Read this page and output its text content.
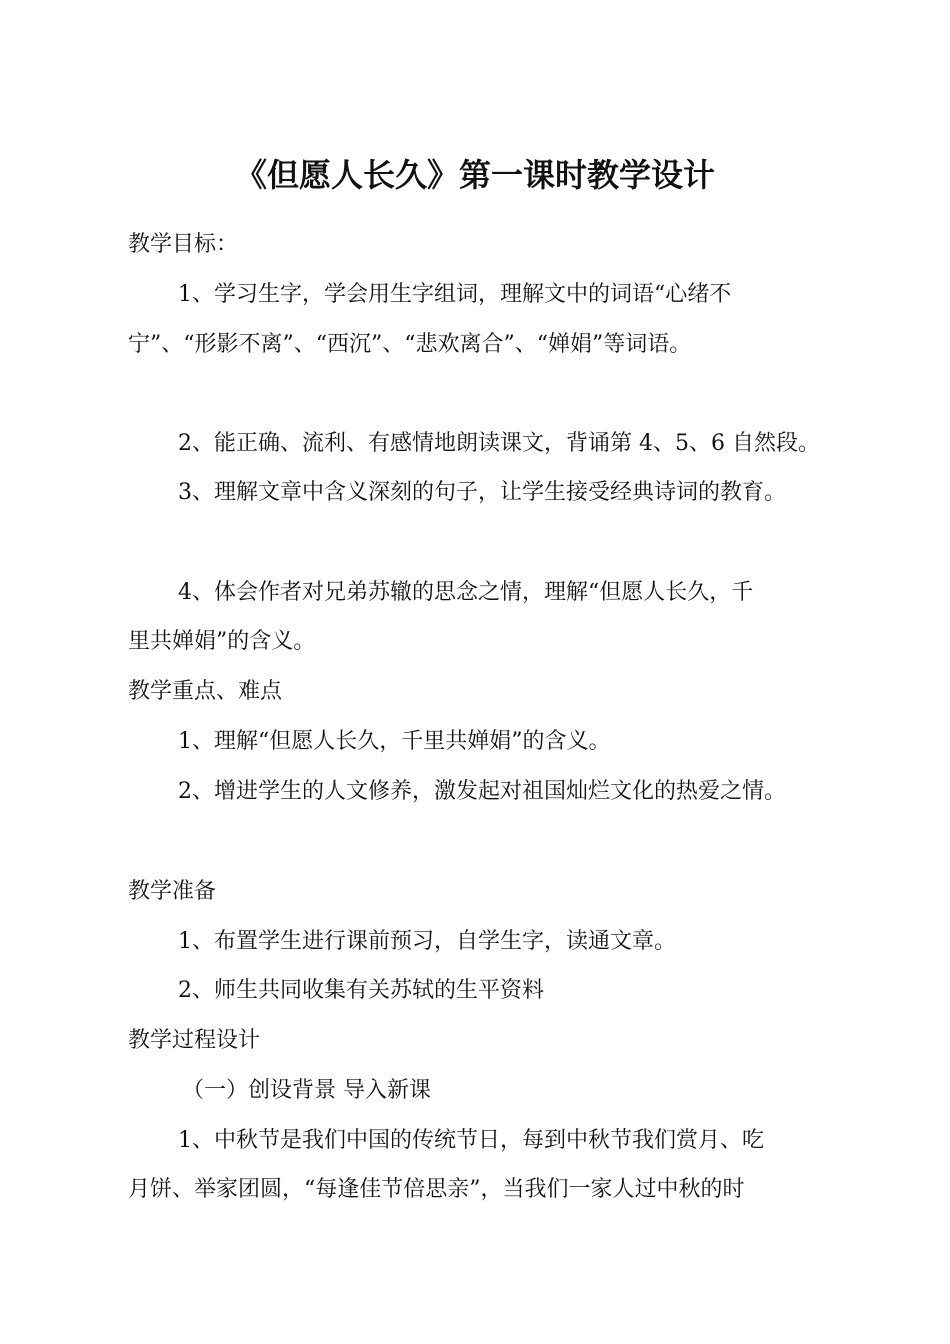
《但愿人长久》第一课时教学设计
教学目标：
1、学习生字，学会用生字组词，理解文中的词语“心绪不
宁”、“形影不离”、“西沉”、“悲欢离合”、“婵娟”等词语。
2、能正确、流利、有感情地朗读课文，背诵第 4、5、6 自然段。
3、理解文章中含义深刻的句子，让学生接受经典诗词的教育。
4、体会作者对兄弟苏辙的思念之情，理解“但愿人长久，千
里共婵娟”的含义。
教学重点、难点
1、理解“但愿人长久，千里共婵娟”的含义。
2、增进学生的人文修养，激发起对祖国灿烂文化的热爱之情。
教学准备
1、布置学生进行课前预习，自学生字，读通文章。
2、师生共同收集有关苏轼的生平资料
教学过程设计
（一）创设背景 导入新课
1、中秋节是我们中国的传统节日，每到中秋节我们赏月、吃
月饼、举家团圆，“每逢佳节倍思亲”，当我们一家人过中秋的时
